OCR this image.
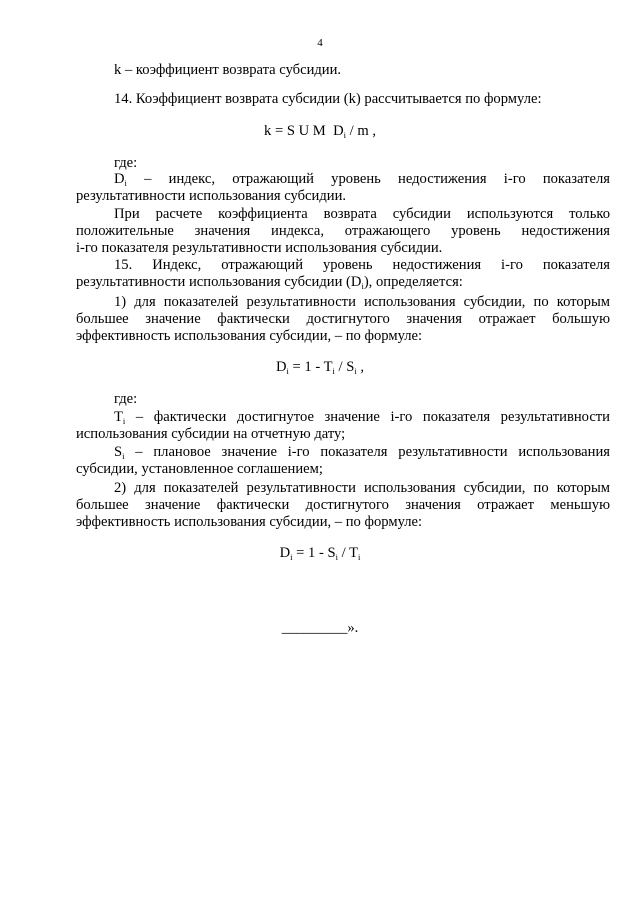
4
k – коэффициент возврата субсидии.
14. Коэффициент возврата субсидии (k) рассчитывается по формуле:
k = S U M  $D_i$ / m ,
где:
$D_i$ – индекс, отражающий уровень недостижения i-го показателя
результативности использования субсидии.
При расчете коэффициента возврата субсидии используются только
положительные значения индекса, отражающего уровень недостижения
i-го показателя результативности использования субсидии.
15. Индекс, отражающий уровень недостижения i-го показателя
результативности использования субсидии $(D_i)$, определяется:
1) для показателей результативности использования субсидии, по которым
большее значение фактически достигнутого значения отражает большую
эффективность использования субсидии, – по формуле:
$D_i = 1 - T_i / S_i$ ,
где:
$T_i$ – фактически достигнутое значение i-го показателя результативности
использования субсидии на отчетную дату;
$S_i$ – плановое значение i-го показателя результативности использования
субсидии, установленное соглашением;
2) для показателей результативности использования субсидии, по которым
большее значение фактически достигнутого значения отражает меньшую
эффективность использования субсидии, – по формуле:
$D_i = 1 - S_i / T_i$
_________».
